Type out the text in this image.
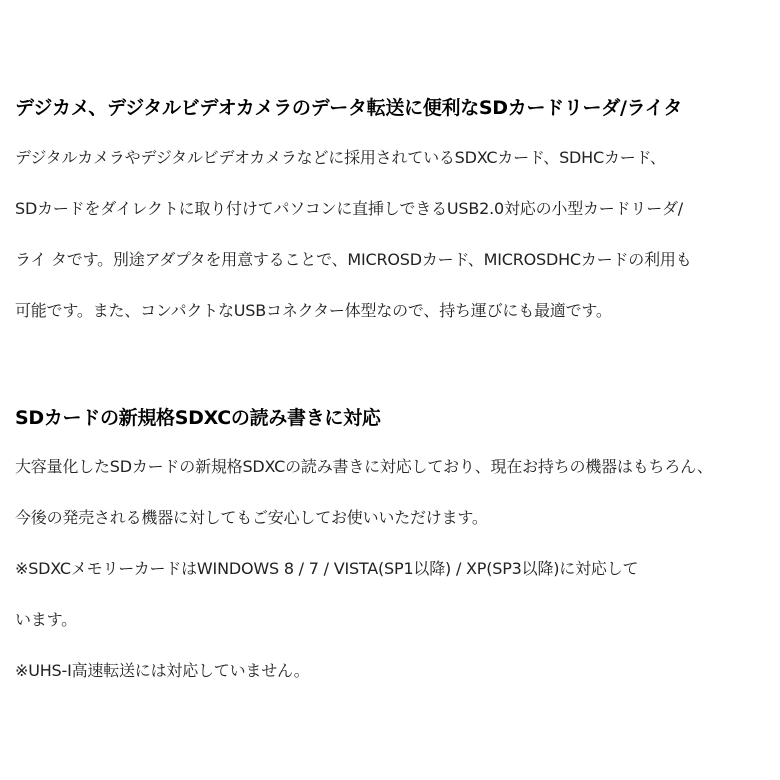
デジカメ、デジタルビデオカメラのデータ転送に便利なSDカードリーダ/ライタ
デジタルカメラやデジタルビデオカメラなどに採用されているSDXCカード、SDHCカード、
SDカードをダイレクトに取り付けてパソコンに直挿しできるUSB2.0対応の小型カードリーダ/
ライ タです。別途アダプタを用意することで、MICROSDカード、MICROSDHCカードの利用も
可能です。また、コンパクトなUSBコネクター体型なので、持ち運びにも最適です。
SDカードの新規格SDXCの読み書きに対応
大容量化したSDカードの新規格SDXCの読み書きに対応しており、現在お持ちの機器はもちろん、
今後の発売される機器に対してもご安心してお使いいただけます。
※SDXCメモリーカードはWINDOWS 8 / 7 / VISTA(SP1以降) / XP(SP3以降)に対応して
います。
※UHS-I高速転送には対応していません。
